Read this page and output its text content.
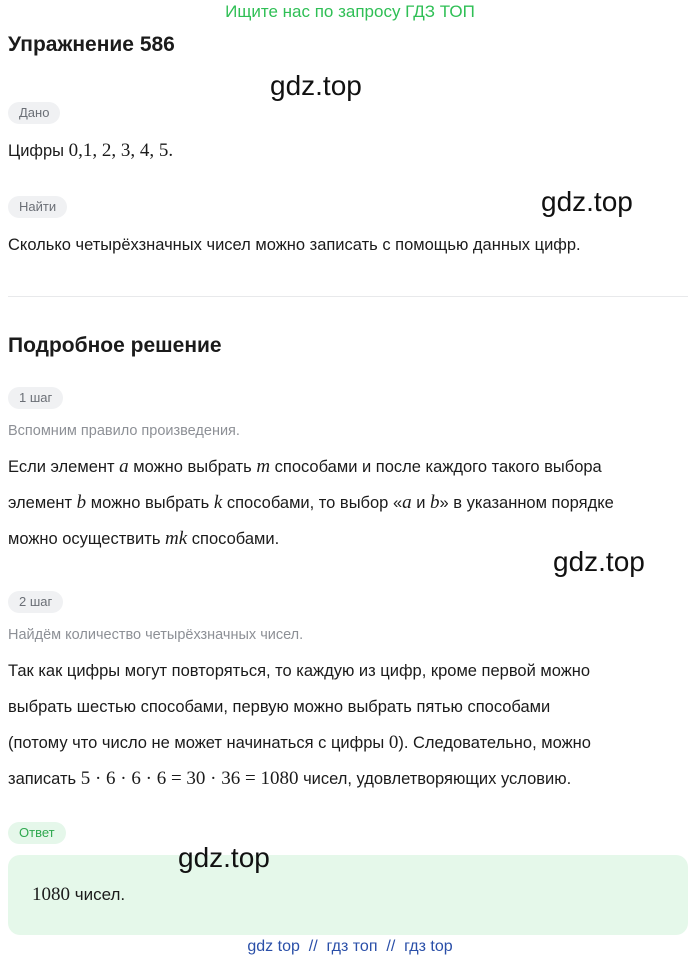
Ищите нас по запросу ГДЗ ТОП
Упражнение 586
gdz.top
Дано

Цифры 0,1, 2, 3, 4, 5.

Найти	gdz.top

Сколько четырёхзначных чисел можно записать с помощью данных цифр.

Подробное решение
1 шаг

Вспомним правило произведения.

Если элемент a можно выбрать m способами и после каждого такого выбора
элемент b можно выбрать k способами, то выбор «a и b» в указанном порядке
можно осуществить mk способами.
gdz.top
2 шаг

Найдём количество четырёхзначных чисел.

Так как цифры могут повторяться, то каждую из цифр, кроме первой можно
выбрать шестью способами, первую можно выбрать пятью способами
(потому что число не может начинаться с цифры 0). Следовательно, можно
записать 5 · 6 · 6 · 6 = 30 · 36 = 1080 чисел, удовлетворяющих условию.
Ответ
1080 чисел.
gdz.top
gdz top  //  гдз топ  //  гдз top
